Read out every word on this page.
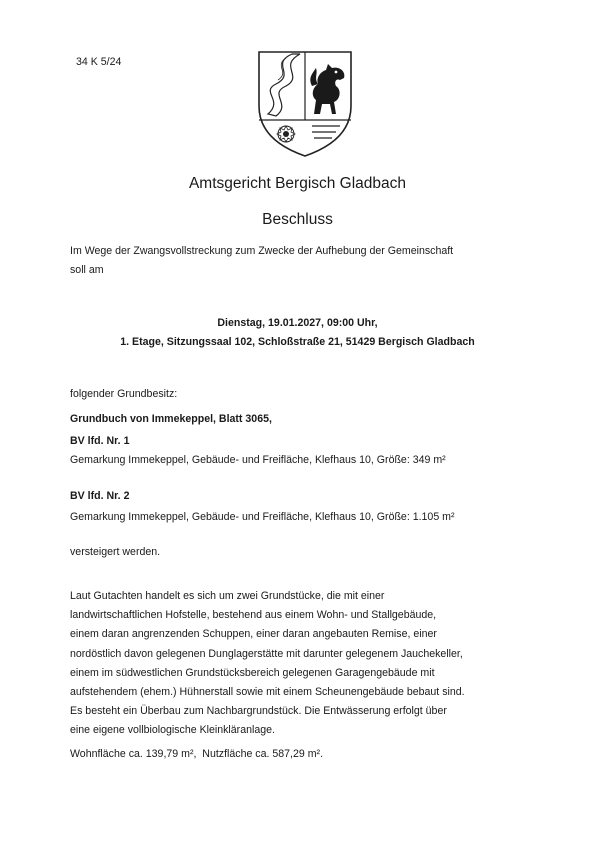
34 K 5/24
Amtsgericht Bergisch Gladbach
Beschluss
Im Wege der Zwangsvollstreckung zum Zwecke der Aufhebung der Gemeinschaft
soll am
Dienstag, 19.01.2027, 09:00 Uhr,
1. Etage, Sitzungssaal 102, Schloßstraße 21, 51429 Bergisch Gladbach
folgender Grundbesitz:
Grundbuch von Immekeppel, Blatt 3065,
BV lfd. Nr. 1
Gemarkung Immekeppel, Gebäude- und Freifläche, Klefhaus 10, Größe: 349 m²
BV lfd. Nr. 2
Gemarkung Immekeppel, Gebäude- und Freifläche, Klefhaus 10, Größe: 1.105 m²
versteigert werden.
Laut Gutachten handelt es sich um zwei Grundstücke, die mit einer
landwirtschaftlichen Hofstelle, bestehend aus einem Wohn- und Stallgebäude,
einem daran angrenzenden Schuppen, einer daran angebauten Remise, einer
nordöstlich davon gelegenen Dunglagerstätte mit darunter gelegenem Jauchekeller,
einem im südwestlichen Grundstücksbereich gelegenen Garagengebäude mit
aufstehendem (ehem.) Hühnerstall sowie mit einem Scheunengebäude bebaut sind.
Es besteht ein Überbau zum Nachbargrundstück. Die Entwässerung erfolgt über
eine eigene vollbiologische Kleinkläranlage.
Wohnfläche ca. 139,79 m²,  Nutzfläche ca. 587,29 m².
